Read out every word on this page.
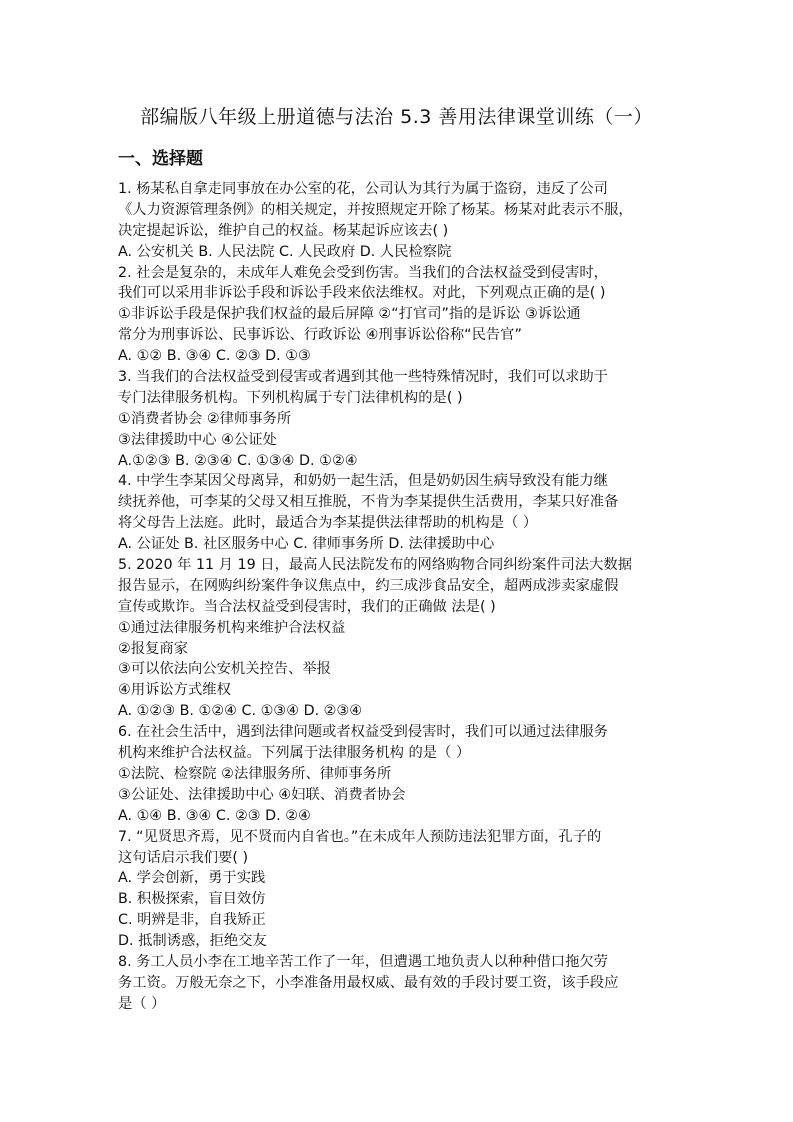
部编版八年级上册道德与法治 5.3 善用法律课堂训练（一）
一、选择题
1. 杨某私自拿走同事放在办公室的花，公司认为其行为属于盗窃，违反了公司
《人力资源管理条例》的相关规定，并按照规定开除了杨某。杨某对此表示不服，
决定提起诉讼，维护自己的权益。杨某起诉应该去( )
A. 公安机关 B. 人民法院 C. 人民政府 D. 人民检察院
2. 社会是复杂的，未成年人难免会受到伤害。当我们的合法权益受到侵害时，
我们可以采用非诉讼手段和诉讼手段来依法维权。对此，下列观点正确的是( )
①非诉讼手段是保护我们权益的最后屏障 ②“打官司”指的是诉讼 ③诉讼通
常分为刑事诉讼、民事诉讼、行政诉讼 ④刑事诉讼俗称“民告官”
A. ①② B. ③④ C. ②③ D. ①③
3. 当我们的合法权益受到侵害或者遇到其他一些特殊情况时，我们可以求助于
专门法律服务机构。下列机构属于专门法律机构的是( )
①消费者协会 ②律师事务所
③法律援助中心 ④公证处
A.①②③ B. ②③④ C. ①③④ D. ①②④
4. 中学生李某因父母离异，和奶奶一起生活，但是奶奶因生病导致没有能力继
续抚养他，可李某的父母又相互推脱，不肯为李某提供生活费用，李某只好准备
将父母告上法庭。此时，最适合为李某提供法律帮助的机构是（ ）
A. 公证处 B. 社区服务中心 C. 律师事务所 D. 法律援助中心
5. 2020 年 11 月 19 日，最高人民法院发布的网络购物合同纠纷案件司法大数据
报告显示，在网购纠纷案件争议焦点中，约三成涉食品安全，超两成涉卖家虚假
宣传或欺诈。当合法权益受到侵害时，我们的正确做 法是( )
①通过法律服务机构来维护合法权益
②报复商家
③可以依法向公安机关控告、举报
④用诉讼方式维权
A. ①②③ B. ①②④ C. ①③④ D. ②③④
6. 在社会生活中，遇到法律问题或者权益受到侵害时，我们可以通过法律服务
机构来维护合法权益。下列属于法律服务机构 的是（ ）
①法院、检察院 ②法律服务所、律师事务所
③公证处、法律援助中心 ④妇联、消费者协会
A. ①④ B. ③④ C. ②③ D. ②④
7. “见贤思齐焉，见不贤而内自省也。”在未成年人预防违法犯罪方面，孔子的
这句话启示我们要( )
A. 学会创新，勇于实践
B. 积极探索，盲目效仿
C. 明辨是非，自我矫正
D. 抵制诱惑，拒绝交友
8. 务工人员小李在工地辛苦工作了一年，但遭遇工地负责人以种种借口拖欠劳
务工资。万般无奈之下，小李准备用最权威、最有效的手段讨要工资，该手段应
是（ ）
